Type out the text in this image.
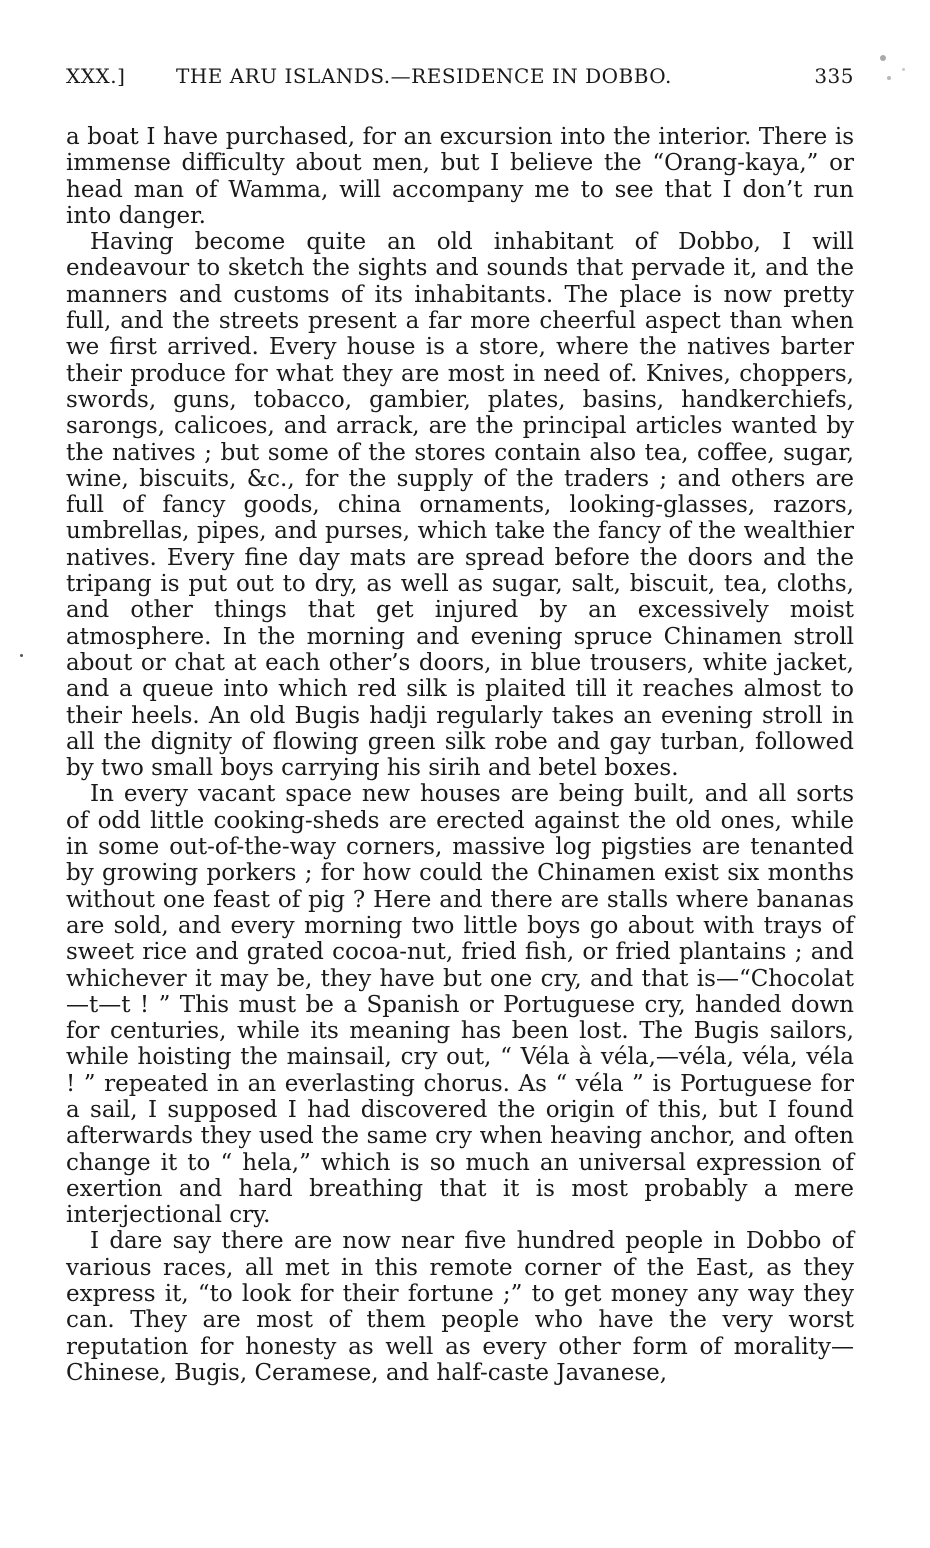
XXX.]	THE ARU ISLANDS.—RESIDENCE IN DOBBO.	335

a boat I have purchased, for an excursion into the interior. There is immense difficulty about men, but I believe the “Orang-kaya,” or head man of Wamma, will accompany me to see that I don’t run into danger.

Having become quite an old inhabitant of Dobbo, I will endeavour to sketch the sights and sounds that pervade it, and the manners and customs of its inhabitants. The place is now pretty full, and the streets present a far more cheerful aspect than when we first arrived. Every house is a store, where the natives barter their produce for what they are most in need of. Knives, choppers, swords, guns, tobacco, gambier, plates, basins, handkerchiefs, sarongs, calicoes, and arrack, are the principal articles wanted by the natives ; but some of the stores contain also tea, coffee, sugar, wine, biscuits, &c., for the supply of the traders ; and others are full of fancy goods, china ornaments, looking-glasses, razors, umbrellas, pipes, and purses, which take the fancy of the wealthier natives. Every fine day mats are spread before the doors and the tripang is put out to dry, as well as sugar, salt, biscuit, tea, cloths, and other things that get injured by an excessively moist atmosphere. In the morning and evening spruce Chinamen stroll about or chat at each other’s doors, in blue trousers, white jacket, and a queue into which red silk is plaited till it reaches almost to their heels. An old Bugis hadji regularly takes an evening stroll in all the dignity of flowing green silk robe and gay turban, followed by two small boys carrying his sirih and betel boxes.

In every vacant space new houses are being built, and all sorts of odd little cooking-sheds are erected against the old ones, while in some out-of-the-way corners, massive log pigsties are tenanted by growing porkers ; for how could the Chinamen exist six months without one feast of pig ? Here and there are stalls where bananas are sold, and every morning two little boys go about with trays of sweet rice and grated cocoa-nut, fried fish, or fried plantains ; and whichever it may be, they have but one cry, and that is—“Chocolat—t—t ! ” This must be a Spanish or Portuguese cry, handed down for centuries, while its meaning has been lost. The Bugis sailors, while hoisting the mainsail, cry out, “ Véla à véla,—véla, véla, véla ! ” repeated in an everlasting chorus. As “ véla ” is Portuguese for a sail, I supposed I had discovered the origin of this, but I found afterwards they used the same cry when heaving anchor, and often change it to “ hela,” which is so much an universal expression of exertion and hard breathing that it is most probably a mere interjectional cry.

I dare say there are now near five hundred people in Dobbo of various races, all met in this remote corner of the East, as they express it, “to look for their fortune ;” to get money any way they can. They are most of them people who have the very worst reputation for honesty as well as every other form of morality—Chinese, Bugis, Ceramese, and half-caste Javanese,
